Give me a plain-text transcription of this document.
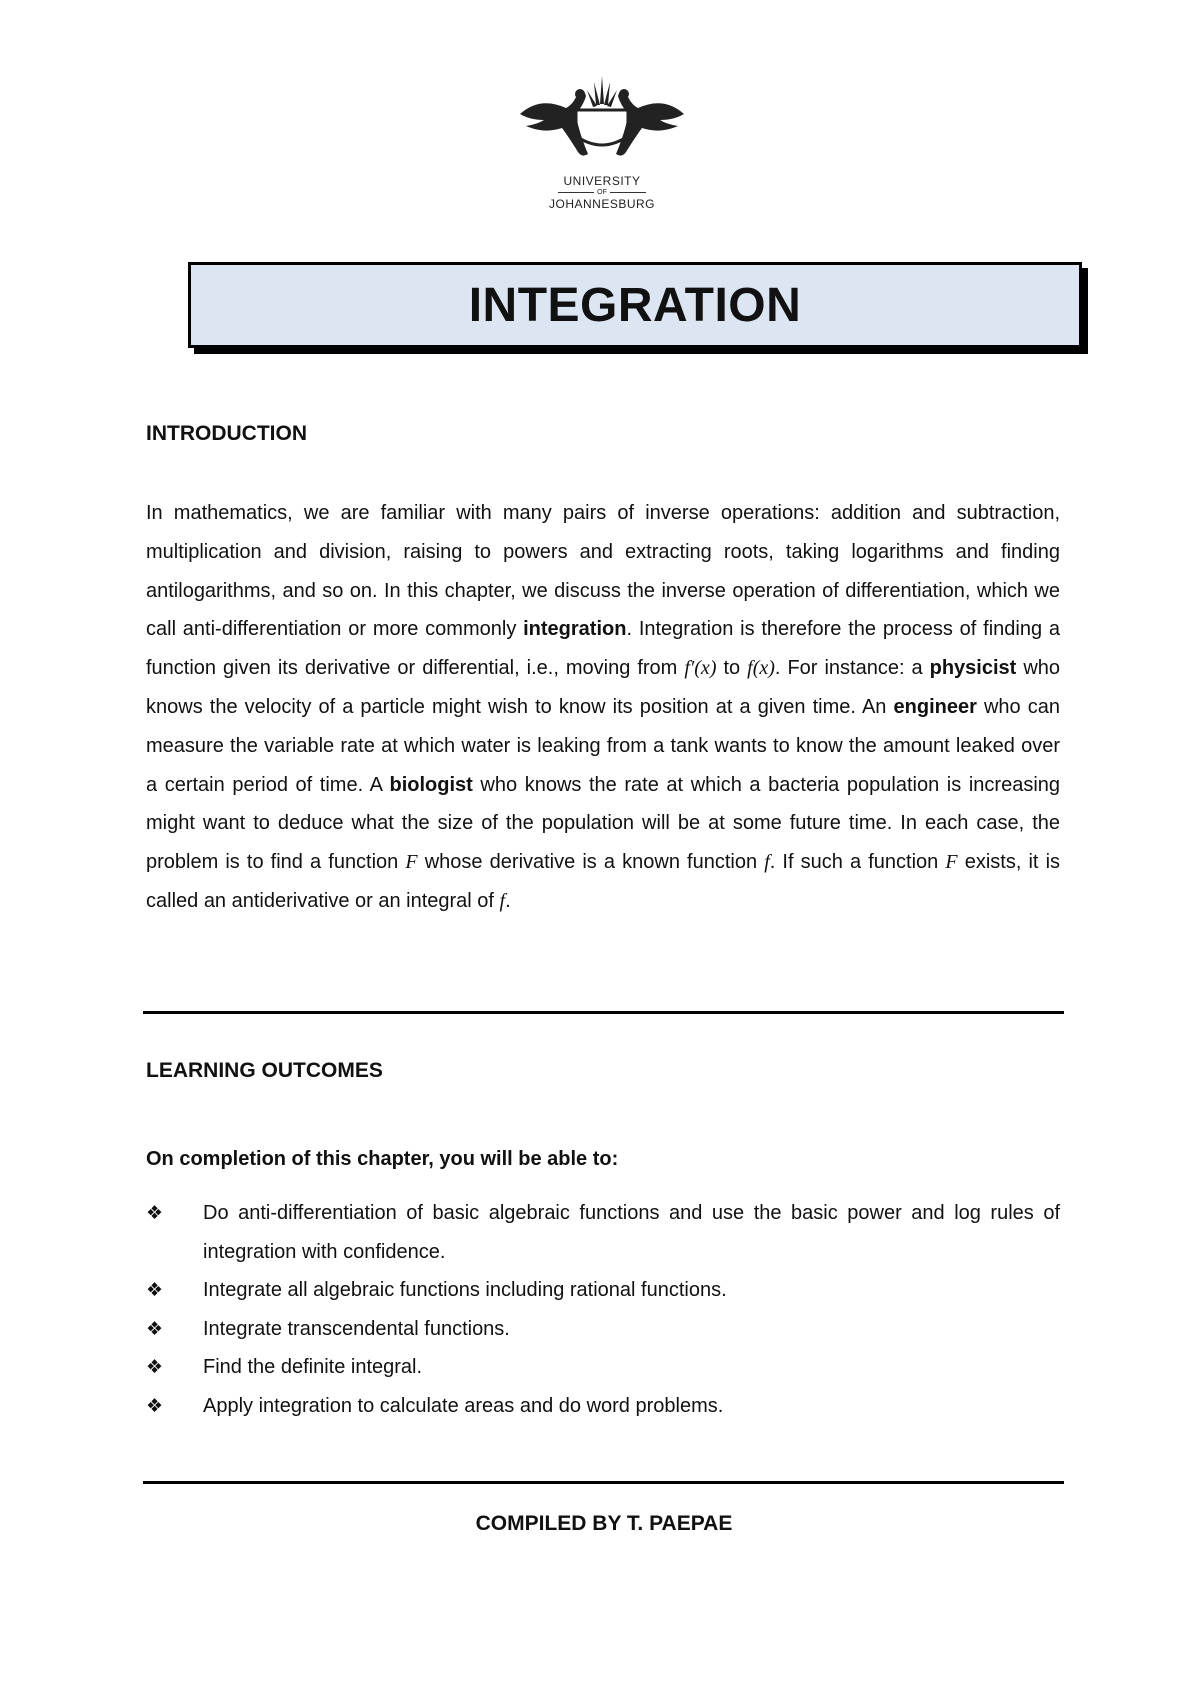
UNIVERSITY
OF
JOHANNESBURG
INTEGRATION
INTRODUCTION

In mathematics, we are familiar with many pairs of inverse operations: addition and subtraction, multiplication and division, raising to powers and extracting roots, taking logarithms and finding antilogarithms, and so on. In this chapter, we discuss the inverse operation of differentiation, which we call anti-differentiation or more commonly integration. Integration is therefore the process of finding a function given its derivative or differential, i.e., moving from f′(x) to f(x). For instance: a physicist who knows the velocity of a particle might wish to know its position at a given time. An engineer who can measure the variable rate at which water is leaking from a tank wants to know the amount leaked over a certain period of time. A biologist who knows the rate at which a bacteria population is increasing might want to deduce what the size of the population will be at some future time. In each case, the problem is to find a function F whose derivative is a known function f. If such a function F exists, it is called an antiderivative or an integral of f.

LEARNING OUTCOMES

On completion of this chapter, you will be able to:

❖ Do anti-differentiation of basic algebraic functions and use the basic power and log rules of integration with confidence.
❖ Integrate all algebraic functions including rational functions.
❖ Integrate transcendental functions.
❖ Find the definite integral.
❖ Apply integration to calculate areas and do word problems.

COMPILED BY T. PAEPAE
